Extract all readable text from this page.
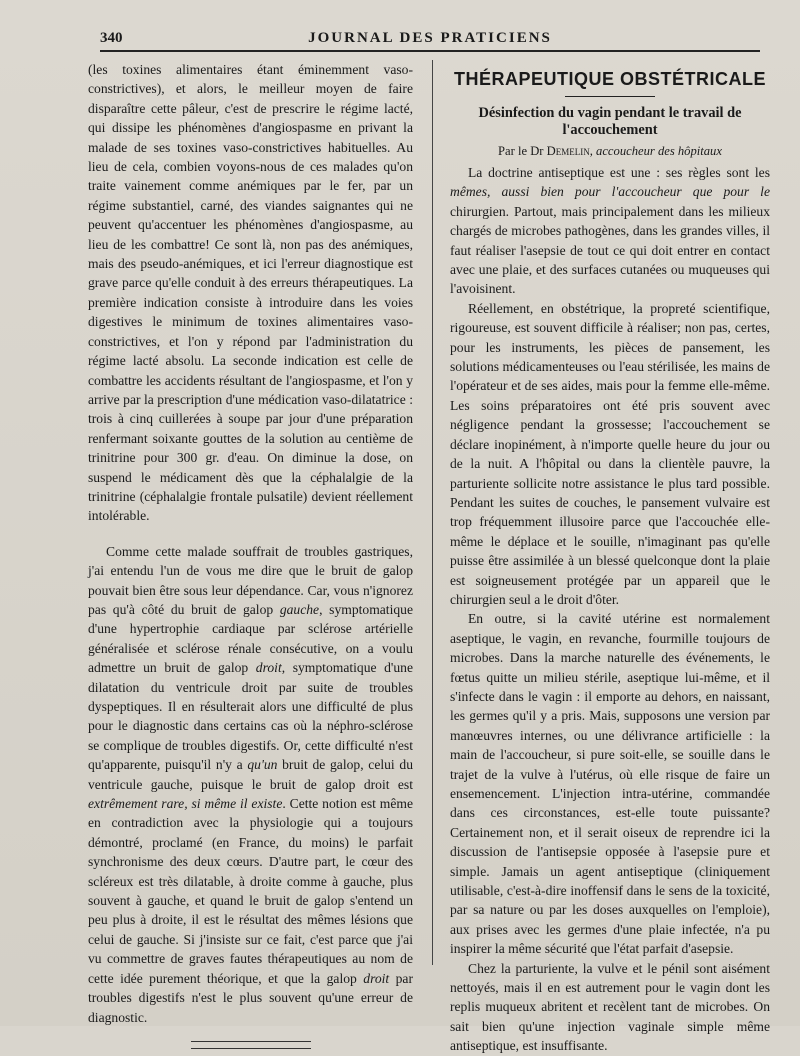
340	JOURNAL DES PRATICIENS

(les toxines alimentaires étant éminemment vaso-constrictives), et alors, le meilleur moyen de faire disparaître cette pâleur, c'est de prescrire le régime lacté, qui dissipe les phénomènes d'angiospasme en privant la malade de ses toxines vaso-constrictives habituelles. Au lieu de cela, combien voyons-nous de ces malades qu'on traite vainement comme anémiques par le fer, par un régime substantiel, carné, des viandes saignantes qui ne peuvent qu'accentuer les phénomènes d'angiospasme, au lieu de les combattre! Ce sont là, non pas des anémiques, mais des pseudo-anémiques, et ici l'erreur diagnostique est grave parce qu'elle conduit à des erreurs thérapeutiques. La première indication consiste à introduire dans les voies digestives le minimum de toxines alimentaires vaso-constrictives, et l'on y répond par l'administration du régime lacté absolu. La seconde indication est celle de combattre les accidents résultant de l'angiospasme, et l'on y arrive par la prescription d'une médication vaso-dilatatrice : trois à cinq cuillerées à soupe par jour d'une préparation renfermant soixante gouttes de la solution au centième de trinitrine pour 300 gr. d'eau. On diminue la dose, on suspend le médicament dès que la céphalalgie de la trinitrine (céphalalgie frontale pulsatile) devient réellement intolérable.

Comme cette malade souffrait de troubles gastriques, j'ai entendu l'un de vous me dire que le bruit de galop pouvait bien être sous leur dépendance. Car, vous n'ignorez pas qu'à côté du bruit de galop gauche, symptomatique d'une hypertrophie cardiaque par sclérose artérielle généralisée et sclérose rénale consécutive, on a voulu admettre un bruit de galop droit, symptomatique d'une dilatation du ventricule droit par suite de troubles dyspeptiques. Il en résulterait alors une difficulté de plus pour le diagnostic dans certains cas où la néphro-sclérose se complique de troubles digestifs. Or, cette difficulté n'est qu'apparente, puisqu'il n'y a qu'un bruit de galop, celui du ventricule gauche, puisque le bruit de galop droit est extrêmement rare, si même il existe. Cette notion est même en contradiction avec la physiologie qui a toujours démontré, proclamé (en France, du moins) le parfait synchronisme des deux cœurs. D'autre part, le cœur des scléreux est très dilatable, à droite comme à gauche, plus souvent à gauche, et quand le bruit de galop s'entend un peu plus à droite, il est le résultat des mêmes lésions que celui de gauche. Si j'insiste sur ce fait, c'est parce que j'ai vu commettre de graves fautes thérapeutiques au nom de cette idée purement théorique, et que la galop droit par troubles digestifs n'est le plus souvent qu'une erreur de diagnostic.

THÉRAPEUTIQUE OBSTÉTRICALE
Désinfection du vagin pendant le travail de l'accouchement
Par le Dr Demelin, accoucheur des hôpitaux

La doctrine antiseptique est une : ses règles sont les mêmes, aussi bien pour l'accoucheur que pour le chirurgien. Partout, mais principalement dans les milieux chargés de microbes pathogènes, dans les grandes villes, il faut réaliser l'asepsie de tout ce qui doit entrer en contact avec une plaie, et des surfaces cutanées ou muqueuses qui l'avoisinent.

Réellement, en obstétrique, la propreté scientifique, rigoureuse, est souvent difficile à réaliser; non pas, certes, pour les instruments, les pièces de pansement, les solutions médicamenteuses ou l'eau stérilisée, les mains de l'opérateur et de ses aides, mais pour la femme elle-même. Les soins préparatoires ont été pris souvent avec négligence pendant la grossesse; l'accouchement se déclare inopinément, à n'importe quelle heure du jour ou de la nuit. A l'hôpital ou dans la clientèle pauvre, la parturiente sollicite notre assistance le plus tard possible. Pendant les suites de couches, le pansement vulvaire est trop fréquemment illusoire parce que l'accouchée elle-même le déplace et le souille, n'imaginant pas qu'elle puisse être assimilée à un blessé quelconque dont la plaie est soigneusement protégée par un appareil que le chirurgien seul a le droit d'ôter.

En outre, si la cavité utérine est normalement aseptique, le vagin, en revanche, fourmille toujours de microbes. Dans la marche naturelle des événements, le fœtus quitte un milieu stérile, aseptique lui-même, et il s'infecte dans le vagin : il emporte au dehors, en naissant, les germes qu'il y a pris. Mais, supposons une version par manœuvres internes, ou une délivrance artificielle : la main de l'accoucheur, si pure soit-elle, se souille dans le trajet de la vulve à l'utérus, où elle risque de faire un ensemencement. L'injection intra-utérine, commandée dans ces circonstances, est-elle toute puissante? Certainement non, et il serait oiseux de reprendre ici la discussion de l'antisepsie opposée à l'asepsie pure et simple. Jamais un agent antiseptique (cliniquement utilisable, c'est-à-dire inoffensif dans le sens de la toxicité, par sa nature ou par les doses auxquelles on l'emploie), aux prises avec les germes d'une plaie infectée, n'a pu inspirer la même sécurité que l'état parfait d'asepsie.

Chez la parturiente, la vulve et le pénil sont aisément nettoyés, mais il en est autrement pour le vagin dont les replis muqueux abritent et recèlent tant de microbes. On sait bien qu'une injection vaginale simple même antiseptique, est insuffisante.
